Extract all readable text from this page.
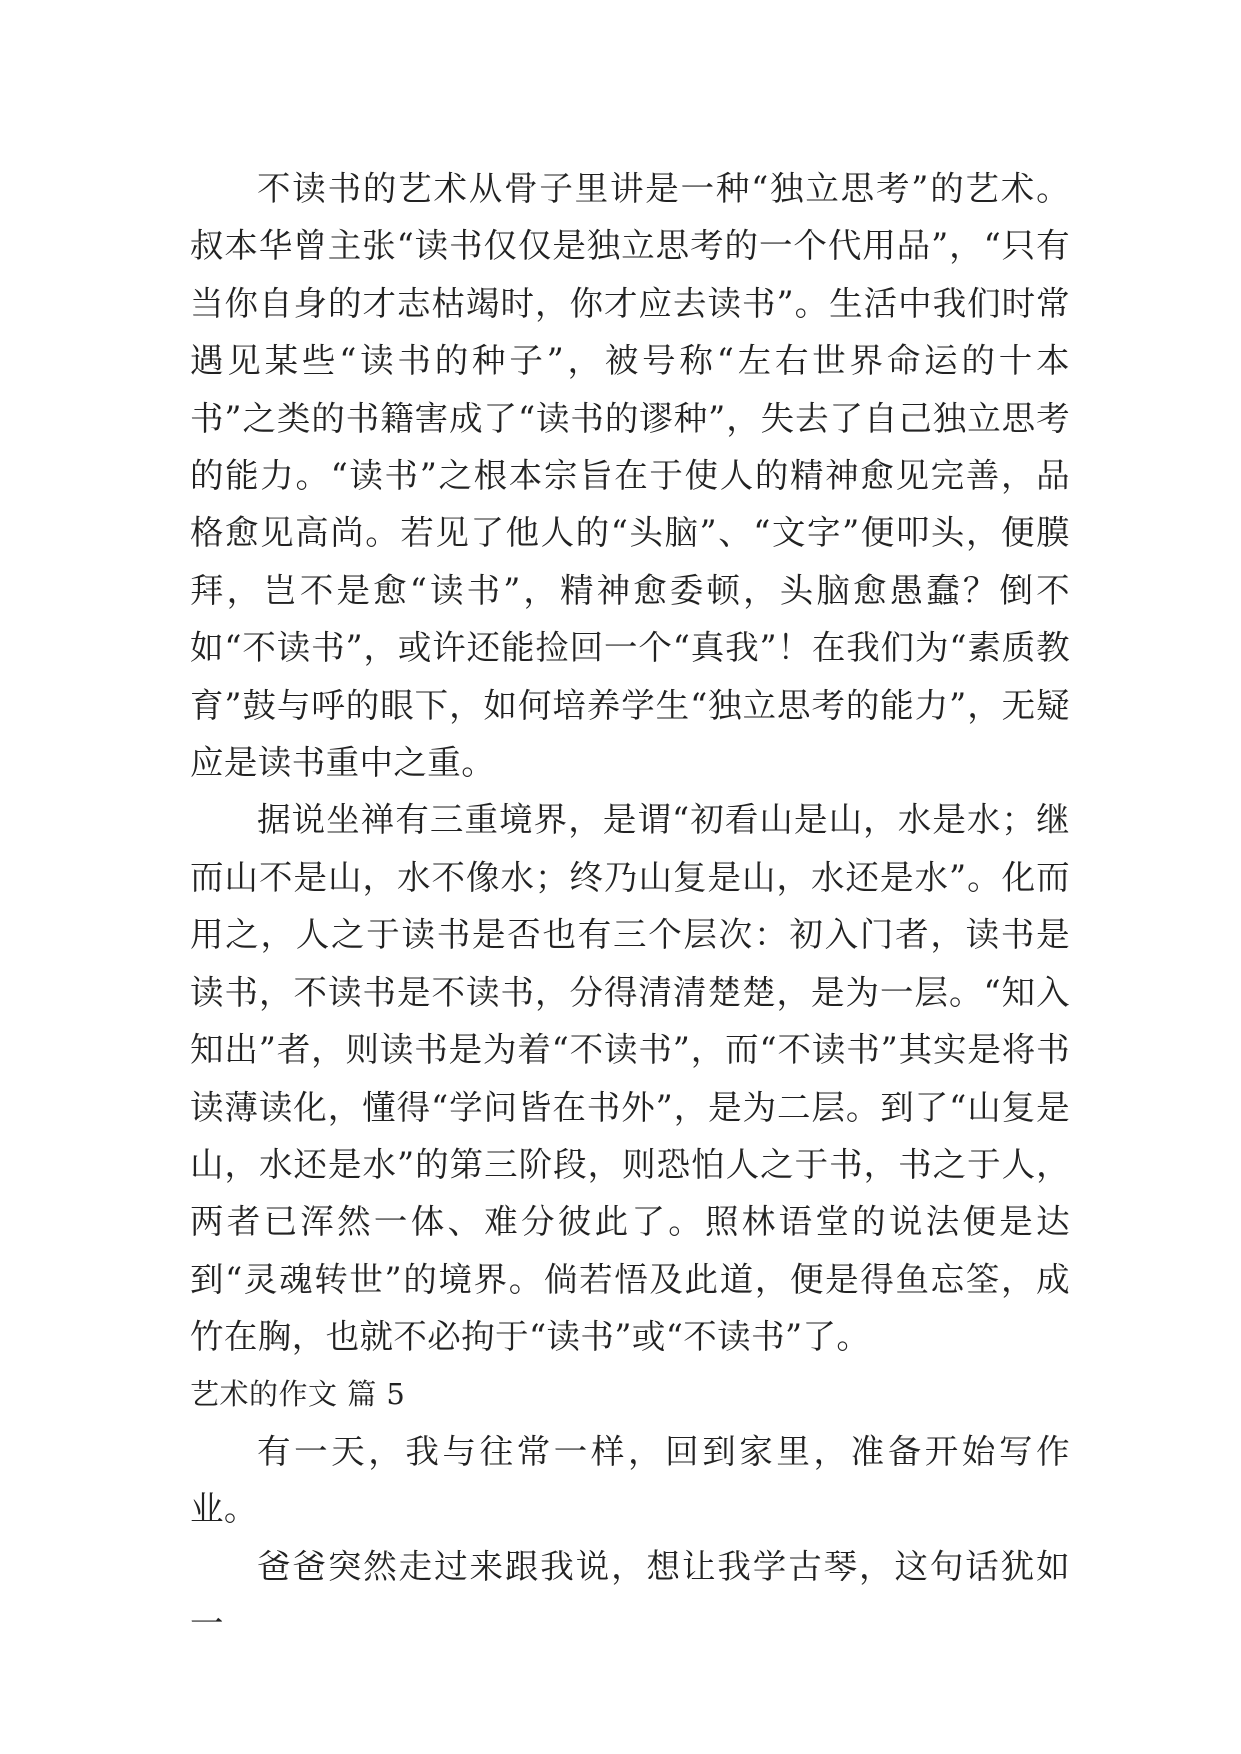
不读书的艺术从骨子里讲是一种“独立思考”的艺术。叔本华曾主张“读书仅仅是独立思考的一个代用品”，“只有当你自身的才志枯竭时，你才应去读书”。生活中我们时常遇见某些“读书的种子”，被号称“左右世界命运的十本书”之类的书籍害成了“读书的谬种”，失去了自己独立思考的能力。“读书”之根本宗旨在于使人的精神愈见完善，品格愈见高尚。若见了他人的“头脑”、“文字”便叩头，便膜拜，岂不是愈“读书”，精神愈委顿，头脑愈愚蠢？倒不如“不读书”，或许还能捡回一个“真我”！在我们为“素质教育”鼓与呼的眼下，如何培养学生“独立思考的能力”，无疑应是读书重中之重。

据说坐禅有三重境界，是谓“初看山是山，水是水；继而山不是山，水不像水；终乃山复是山，水还是水”。化而用之，人之于读书是否也有三个层次：初入门者，读书是读书，不读书是不读书，分得清清楚楚，是为一层。“知入知出”者，则读书是为着“不读书”，而“不读书”其实是将书读薄读化，懂得“学问皆在书外”，是为二层。到了“山复是山，水还是水”的第三阶段，则恐怕人之于书，书之于人，两者已浑然一体、难分彼此了。照林语堂的说法便是达到“灵魂转世”的境界。倘若悟及此道，便是得鱼忘筌，成竹在胸，也就不必拘于“读书”或“不读书”了。

艺术的作文 篇 5

有一天，我与往常一样，回到家里，准备开始写作业。

爸爸突然走过来跟我说，想让我学古琴，这句话犹如一
